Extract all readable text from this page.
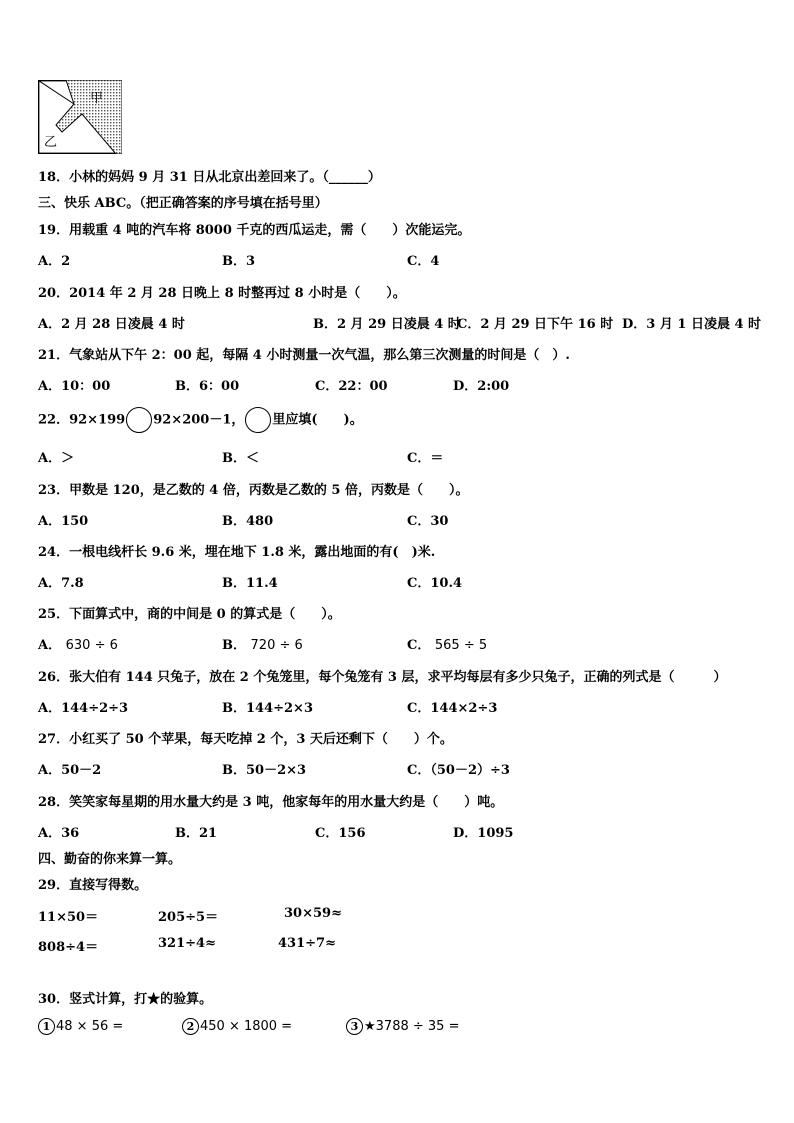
甲
乙
18．小林的妈妈 9 月 31 日从北京出差回来了。（______）
三、快乐 ABC。（把正确答案的序号填在括号里）
19．用载重 4 吨的汽车将 8000 千克的西瓜运走，需（　　）次能运完。
A．2	B．3	C．4
20．2014 年 2 月 28 日晚上 8 时整再过 8 小时是（　　）。
A．2 月 28 日凌晨 4 时	B．2 月 29 日凌晨 4 时
C．2 月 29 日下午 16 时 D．3 月 1 日凌晨 4 时
21．气象站从下午 2：00 起，每隔 4 小时测量一次气温，那么第三次测量的时间是（　）.
A．10：00	B．6：00	C．22：00	D．2:00
22．92×199 92×200－1， 里应填(　　)。
A．＞	B．＜	C．＝
23．甲数是 120，是乙数的 4 倍，丙数是乙数的 5 倍，丙数是（　　）。
A．150	B．480	C．30
24．一根电线杆长 9.6 米，埋在地下 1.8 米，露出地面的有(　)米.
A．7.8	B．11.4	C．10.4
25．下面算式中，商的中间是 0 的算式是（　　）。
A． 630 ÷ 6	B． 720 ÷ 6	C． 565 ÷ 5
26．张大伯有 144 只兔子，放在 2 个兔笼里，每个兔笼有 3 层，求平均每层有多少只兔子，正确的列式是（　　　）
A．144÷2÷3	B．144÷2×3	C．144×2÷3
27．小红买了 50 个苹果，每天吃掉 2 个，3 天后还剩下（　　）个。
A．50－2	B．50－2×3	C．（50－2）÷3
28．笑笑家每星期的用水量大约是 3 吨，他家每年的用水量大约是（　　）吨。
A．36	B．21	C．156	D．1095
四、勤奋的你来算一算。
29．直接写得数。
11×50＝	205÷5＝	30×59≈
808÷4＝	321÷4≈	431÷7≈
30．竖式计算，打★的验算。
1 48 × 56 =	2 450 × 1800 =	3 ★3788 ÷ 35 =
